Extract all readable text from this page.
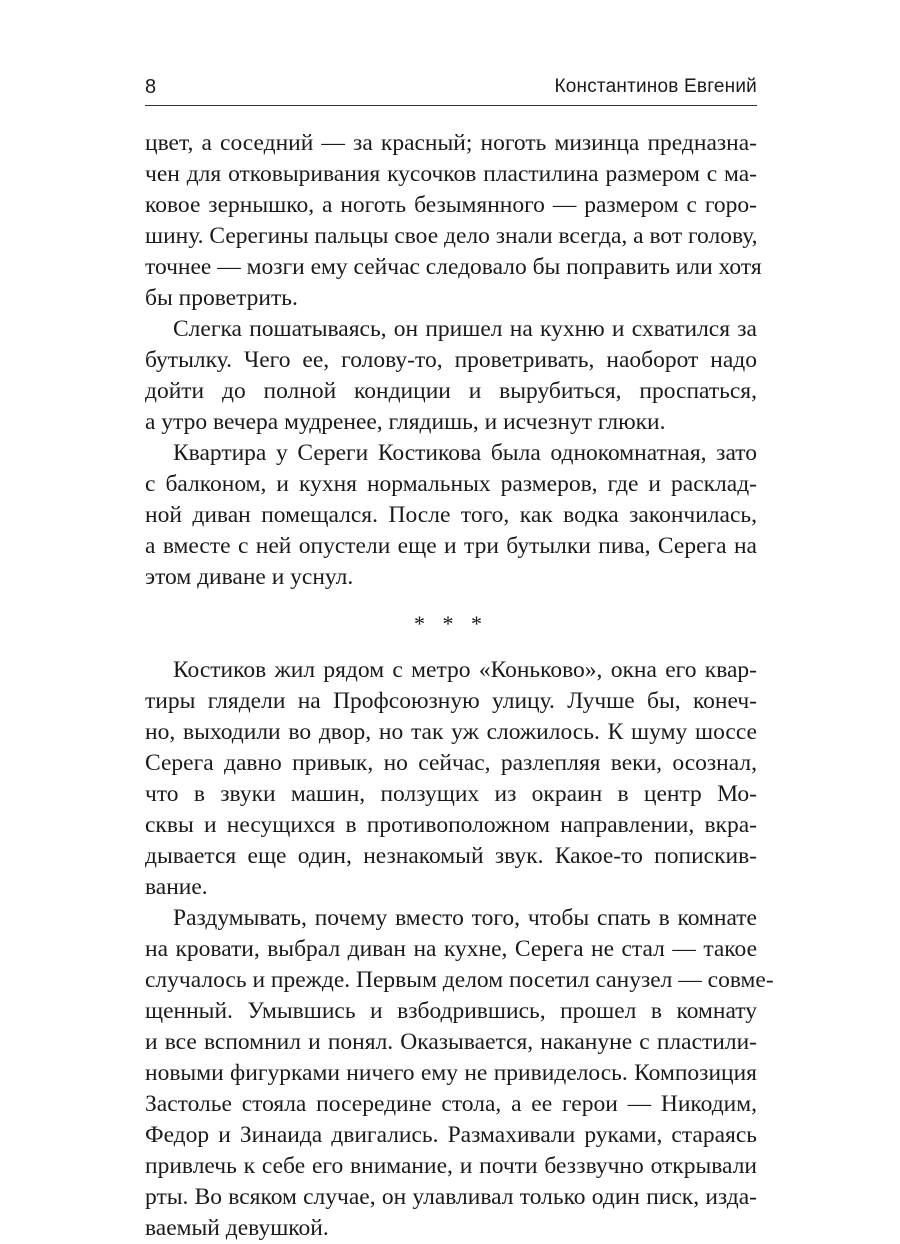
8	Константинов Евгений
цвет, а соседний — за красный; ноготь мизинца предназна-
чен для отковыривания кусочков пластилина размером с ма-
ковое зернышко, а ноготь безымянного — размером с горо-
шину. Серегины пальцы свое дело знали всегда, а вот голову,
точнее — мозги ему сейчас следовало бы поправить или хотя
бы проветрить.
Слегка пошатываясь, он пришел на кухню и схватился за
бутылку. Чего ее, голову-то, проветривать, наоборот надо
дойти до полной кондиции и вырубиться, проспаться,
а утро вечера мудренее, глядишь, и исчезнут глюки.
Квартира у Сереги Костикова была однокомнатная, зато
с балконом, и кухня нормальных размеров, где и расклад-
ной диван помещался. После того, как водка закончилась,
а вместе с ней опустели еще и три бутылки пива, Серега на
этом диване и уснул.
* * *
Костиков жил рядом с метро «Коньково», окна его квар-
тиры глядели на Профсоюзную улицу. Лучше бы, конеч-
но, выходили во двор, но так уж сложилось. К шуму шоссе
Серега давно привык, но сейчас, разлепляя веки, осознал,
что в звуки машин, ползущих из окраин в центр Мо-
сквы и несущихся в противоположном направлении, вкра-
дывается еще один, незнакомый звук. Какое-то попискив-
вание.
Раздумывать, почему вместо того, чтобы спать в комнате
на кровати, выбрал диван на кухне, Серега не стал — такое
случалось и прежде. Первым делом посетил санузел — совме-
щенный. Умывшись и взбодрившись, прошел в комнату
и все вспомнил и понял. Оказывается, накануне с пластили-
новыми фигурками ничего ему не привиделось. Композиция
Застолье стояла посередине стола, а ее герои — Никодим,
Федор и Зинаида двигались. Размахивали руками, стараясь
привлечь к себе его внимание, и почти беззвучно открывали
рты. Во всяком случае, он улавливал только один писк, изда-
ваемый девушкой.
